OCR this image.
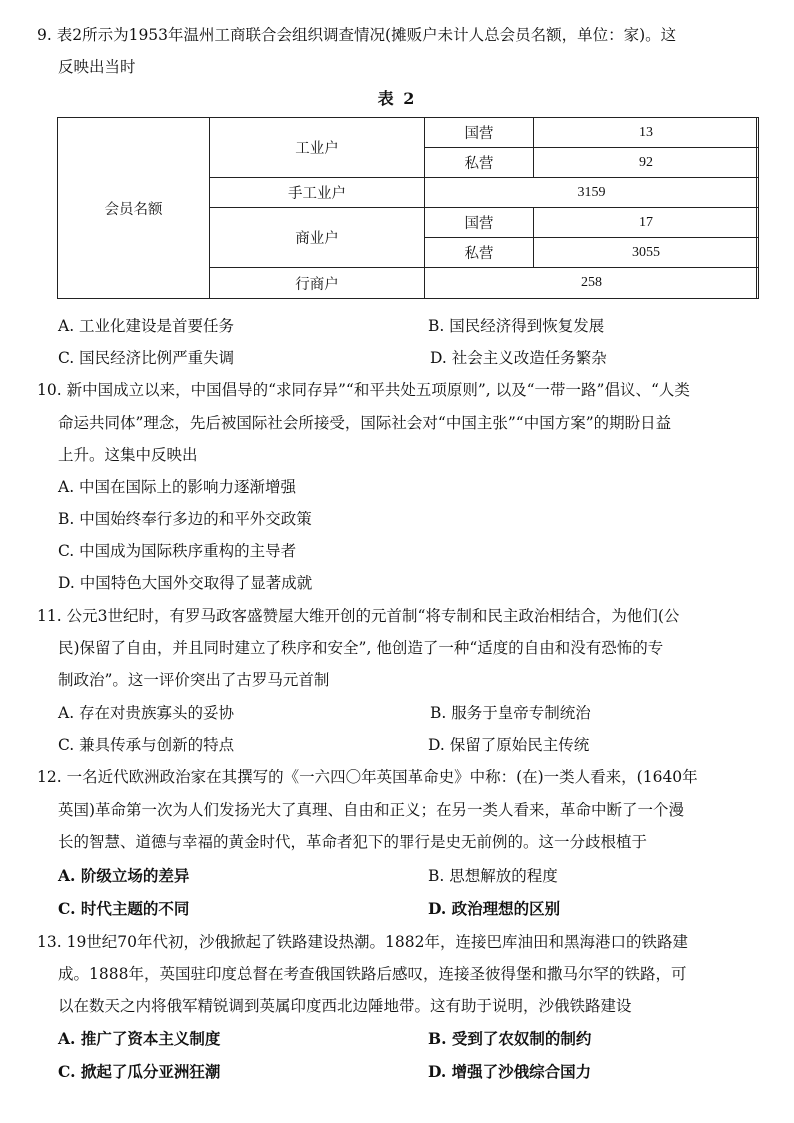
9. 表2所示为1953年温州工商联合会组织调查情况(摊贩户未计人总会员名额，单位：家)。这
反映出当时
表 2
会员名额
工业户
国营	13
私营	92
手工业户	3159
商业户
国营	17
私营	3055
行商户	258
A. 工业化建设是首要任务	B. 国民经济得到恢复发展
C. 国民经济比例严重失调	D. 社会主义改造任务繁杂
10. 新中国成立以来，中国倡导的“求同存异”“和平共处五项原则”, 以及“一带一路”倡议、“人类
命运共同体”理念，先后被国际社会所接受，国际社会对“中国主张”“中国方案”的期盼日益
上升。这集中反映出
A. 中国在国际上的影响力逐渐增强
B. 中国始终奉行多边的和平外交政策
C. 中国成为国际秩序重构的主导者
D. 中国特色大国外交取得了显著成就
11. 公元3世纪时，有罗马政客盛赞屋大维开创的元首制“将专制和民主政治相结合，为他们(公
民)保留了自由，并且同时建立了秩序和安全”, 他创造了一种“适度的自由和没有恐怖的专
制政治”。这一评价突出了古罗马元首制
A. 存在对贵族寡头的妥协	B. 服务于皇帝专制统治
C. 兼具传承与创新的特点	D. 保留了原始民主传统
12. 一名近代欧洲政治家在其撰写的《一六四〇年英国革命史》中称：(在)一类人看来，(1640年
英国)革命第一次为人们发扬光大了真理、自由和正义；在另一类人看来，革命中断了一个漫
长的智慧、道德与幸福的黄金时代，革命者犯下的罪行是史无前例的。这一分歧根植于
A. 阶级立场的差异	B. 思想解放的程度
C. 时代主题的不同	D. 政治理想的区别
13. 19世纪70年代初，沙俄掀起了铁路建设热潮。1882年，连接巴库油田和黑海港口的铁路建
成。1888年，英国驻印度总督在考查俄国铁路后感叹，连接圣彼得堡和撒马尔罕的铁路，可
以在数天之内将俄军精锐调到英属印度西北边陲地带。这有助于说明，沙俄铁路建设
A. 推广了资本主义制度	B. 受到了农奴制的制约
C. 掀起了瓜分亚洲狂潮	D. 增强了沙俄综合国力
